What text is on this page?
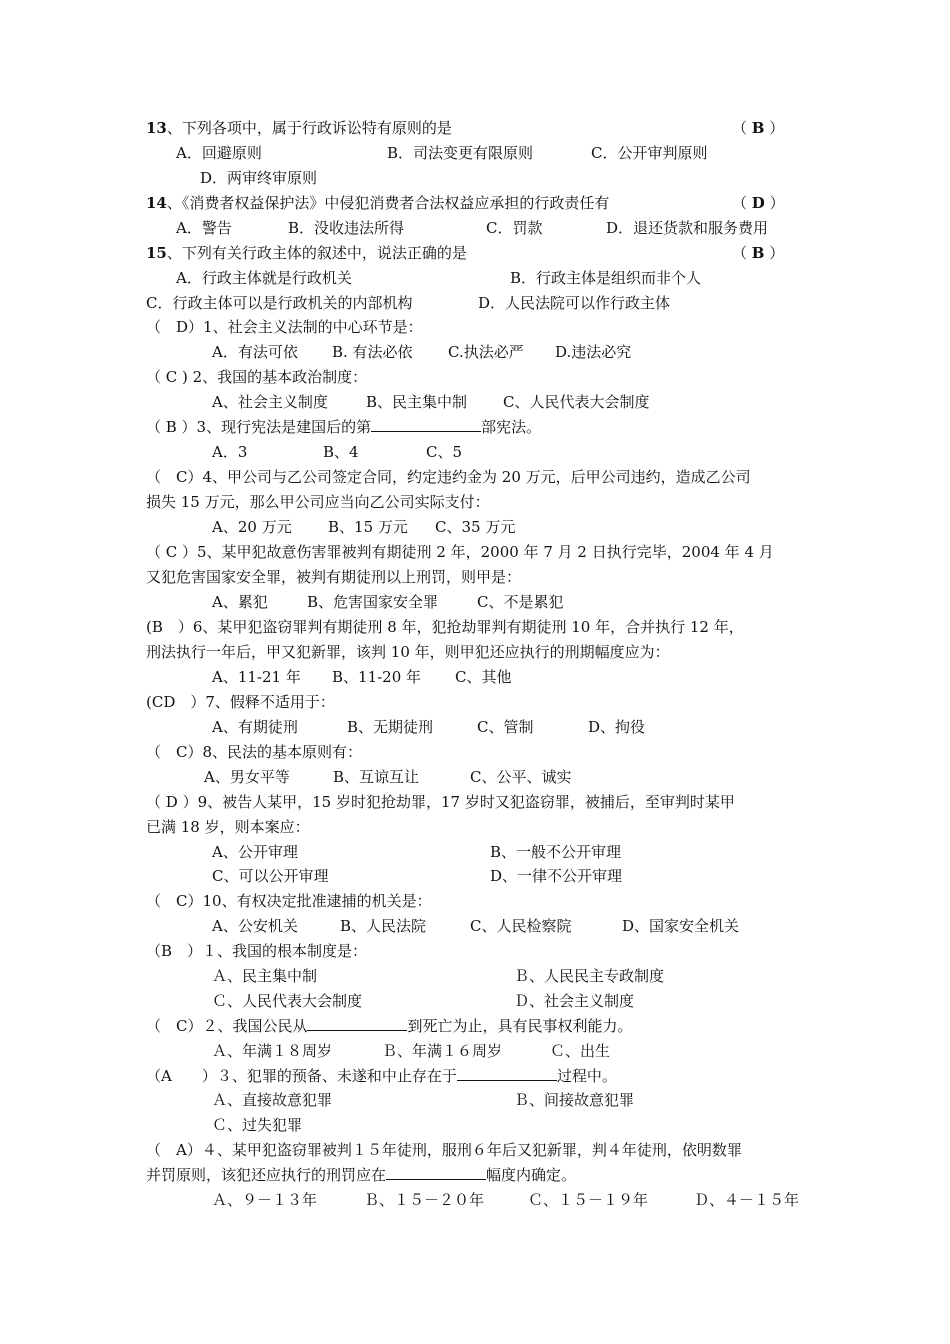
13、下列各项中，属于行政诉讼特有原则的是	（ B ）
A．回避原则	B．司法变更有限原则	C．公开审判原则
D．两审终审原则
14、《消费者权益保护法》中侵犯消费者合法权益应承担的行政责任有	（ D ）
A．警告	B．没收违法所得	C．罚款	D．退还货款和服务费用
15、下列有关行政主体的叙述中，说法正确的是	（ B ）
A．行政主体就是行政机关	B．行政主体是组织而非个人
C．行政主体可以是行政机关的内部机构	D．人民法院可以作行政主体
（　D）1、社会主义法制的中心环节是：
A．有法可依 B. 有法必依 C.执法必严 D.违法必究
（ C ) 2、我国的基本政治制度：
A、社会主义制度	B、民主集中制 C、人民代表大会制度
（ B ）3、现行宪法是建国后的第	部宪法。
A．3	B、4	C、5
（　C）4、甲公司与乙公司签定合同，约定违约金为 20 万元，后甲公司违约，造成乙公司
损失 15 万元，那么甲公司应当向乙公司实际支付：
A、20 万元 B、15 万元 C、35 万元
（ C ）5、某甲犯故意伤害罪被判有期徒刑 2 年，2000 年 7 月 2 日执行完毕，2004 年 4 月
又犯危害国家安全罪，被判有期徒刑以上刑罚，则甲是：
A、累犯	B、危害国家安全罪	C、不是累犯
(B　）6、某甲犯盗窃罪判有期徒刑 8 年，犯抢劫罪判有期徒刑 10 年，合并执行 12 年，
刑法执行一年后，甲又犯新罪，该判 10 年，则甲犯还应执行的刑期幅度应为：
A、11-21 年 B、11-20 年 C、其他
(CD　）7、假释不适用于：
A、有期徒刑	B、无期徒刑	C、管制	D、拘役
（　C）8、民法的基本原则有：
A、男女平等	B、互谅互让	C、公平、诚实
（ D ）9、被告人某甲，15 岁时犯抢劫罪，17 岁时又犯盗窃罪，被捕后，至审判时某甲
已满 18 岁，则本案应：
A、公开审理	B、一般不公开审理
C、可以公开审理	D、一律不公开审理
（　C）10、有权决定批准逮捕的机关是：
A、公安机关	B、人民法院	C、人民检察院	D、国家安全机关
（B　）１、我国的根本制度是：
Ａ、民主集中制	Ｂ、人民民主专政制度
Ｃ、人民代表大会制度	Ｄ、社会主义制度
（　C）２、我国公民从	到死亡为止，具有民事权利能力。
Ａ、年满１８周岁	Ｂ、年满１６周岁	Ｃ、出生
（A　　）３、犯罪的预备、未遂和中止存在于	过程中。
Ａ、直接故意犯罪	Ｂ、间接故意犯罪
Ｃ、过失犯罪
（　A）４、某甲犯盗窃罪被判１５年徒刑，服刑６年后又犯新罪，判４年徒刑，依明数罪
并罚原则，该犯还应执行的刑罚应在	幅度内确定。
Ａ、９－１３年	Ｂ、１５－２０年	Ｃ、１５－１９年	Ｄ、４－１５年
